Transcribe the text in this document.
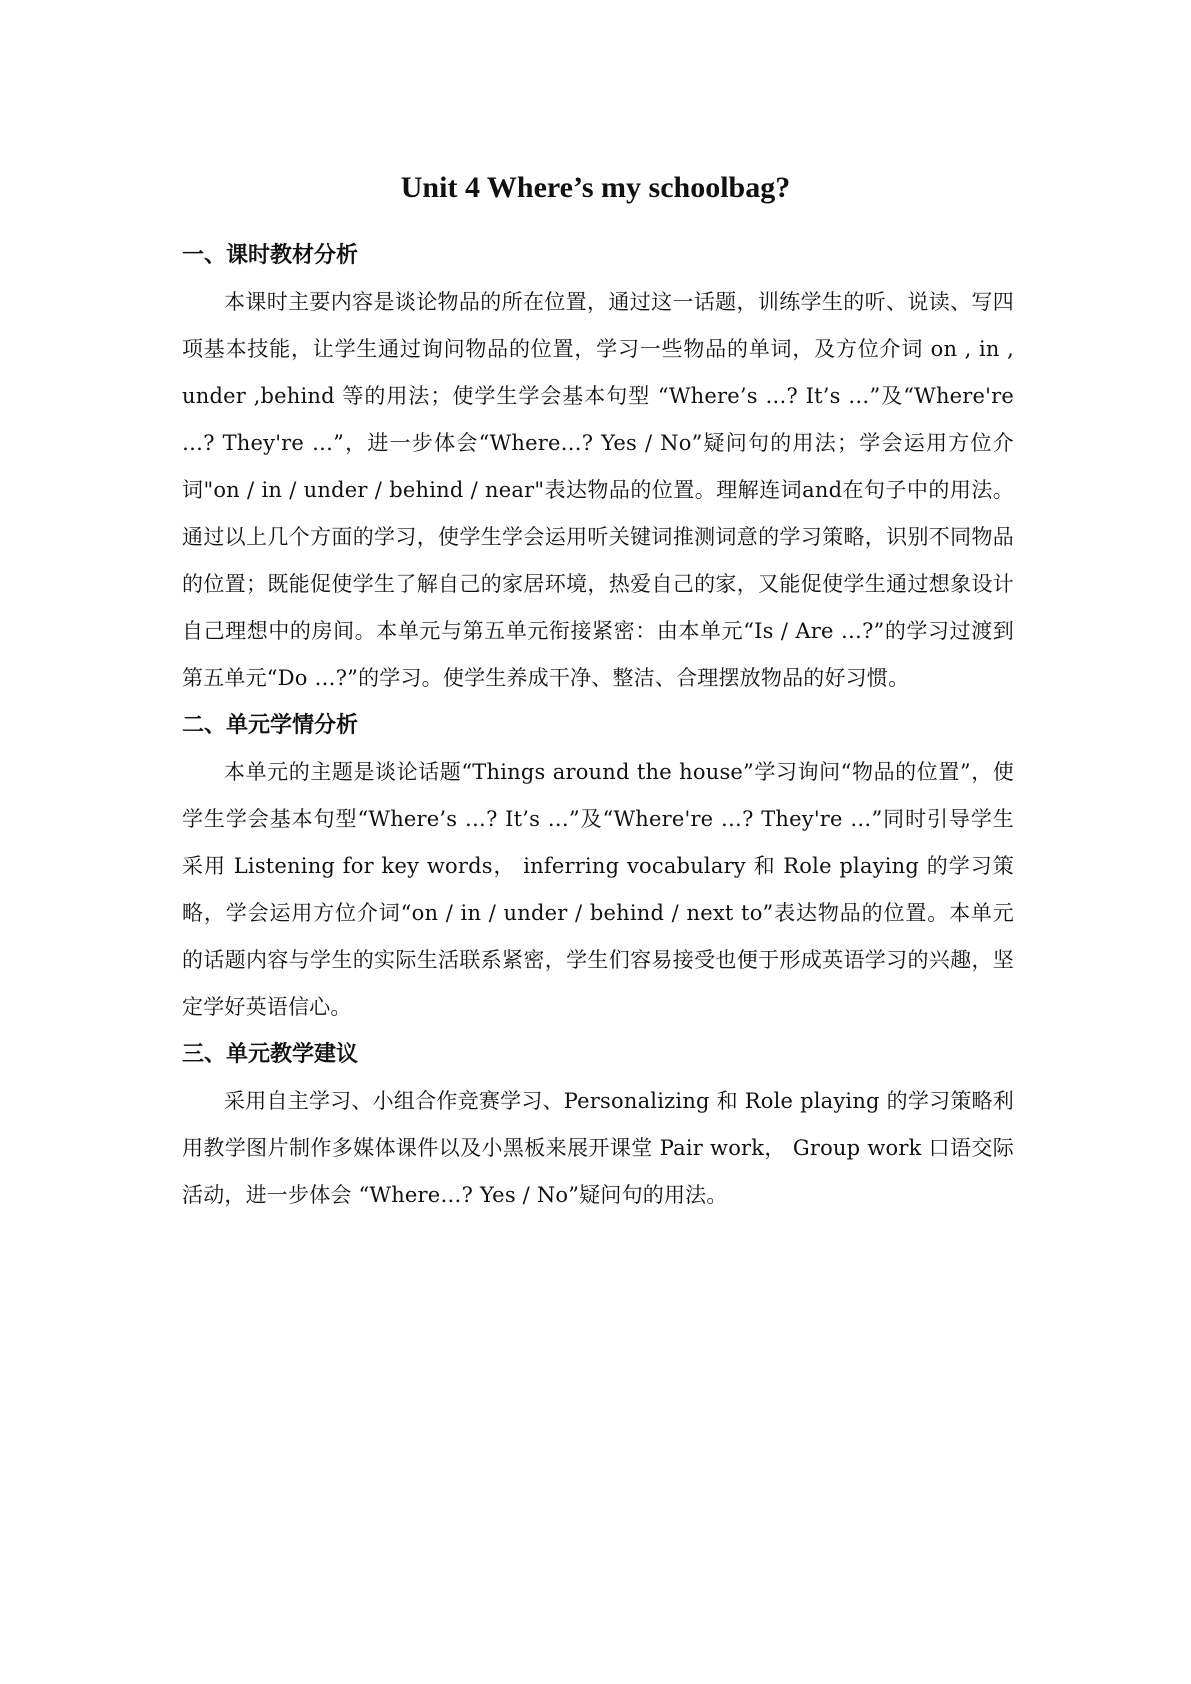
Unit 4 Where’s my schoolbag?
一、课时教材分析

本课时主要内容是谈论物品的所在位置，通过这一话题，训练学生的听、说读、写四项基本技能，让学生通过询问物品的位置，学习一些物品的单词，及方位介词 on , in , under ,behind 等的用法；使学生学会基本句型 “Where’s …? It’s …”及“Where're …? They're …”，进一步体会“Where…? Yes / No”疑问句的用法；学会运用方位介词"on / in / under / behind / near"表达物品的位置。理解连词and在句子中的用法。通过以上几个方面的学习，使学生学会运用听关键词推测词意的学习策略，识别不同物品的位置；既能促使学生了解自己的家居环境，热爱自己的家，又能促使学生通过想象设计自己理想中的房间。本单元与第五单元衔接紧密：由本单元“Is / Are …?”的学习过渡到第五单元“Do …?”的学习。使学生养成干净、整洁、合理摆放物品的好习惯。

二、单元学情分析

本单元的主题是谈论话题“Things around the house”学习询问“物品的位置”，使学生学会基本句型“Where’s …? It’s …”及“Where're …? They're …”同时引导学生采用 Listening for key words， inferring vocabulary 和 Role playing 的学习策略，学会运用方位介词“on / in / under / behind / next to”表达物品的位置。本单元的话题内容与学生的实际生活联系紧密，学生们容易接受也便于形成英语学习的兴趣，坚定学好英语信心。

三、单元教学建议

采用自主学习、小组合作竞赛学习、Personalizing 和 Role playing 的学习策略利用教学图片制作多媒体课件以及小黑板来展开课堂 Pair work， Group work 口语交际活动，进一步体会 “Where…? Yes / No”疑问句的用法。
